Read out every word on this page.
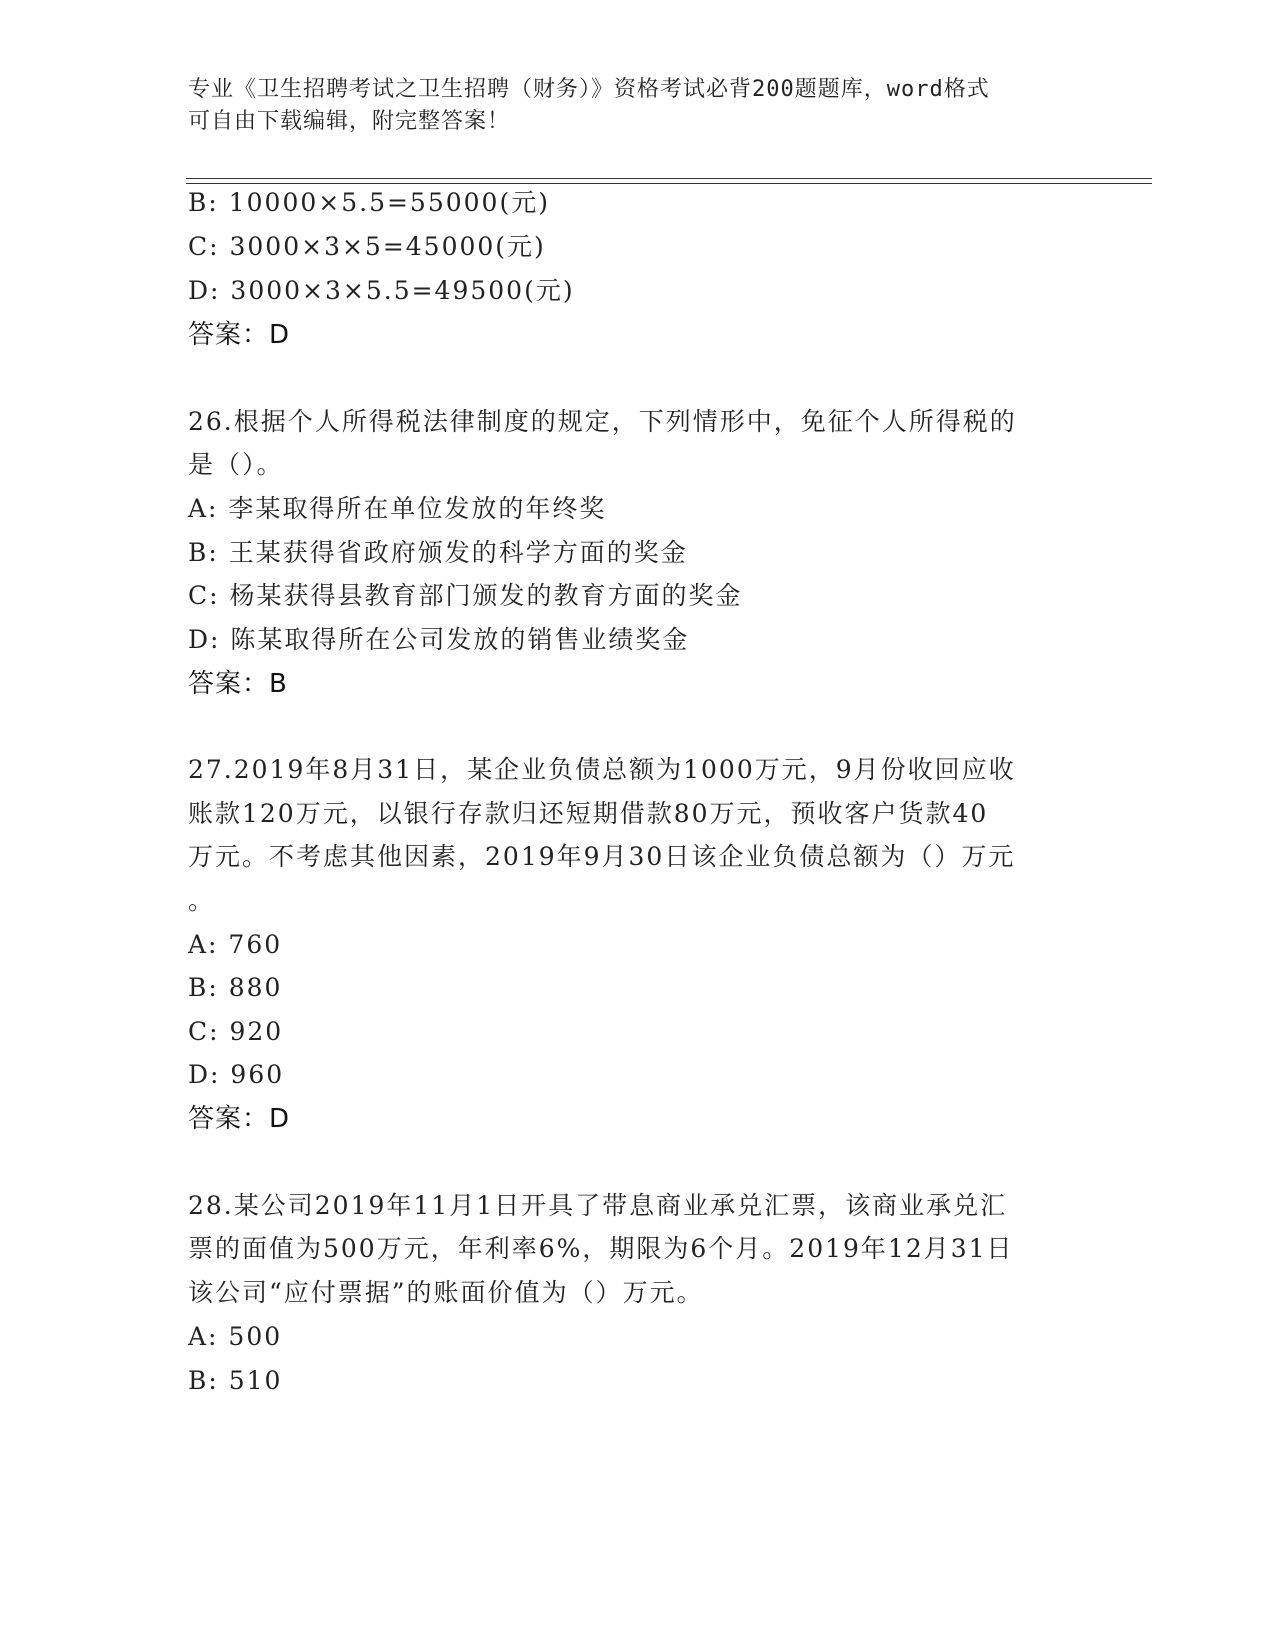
专业《卫生招聘考试之卫生招聘（财务）》资格考试必背200题题库，word格式
可自由下载编辑，附完整答案！
B: 10000×5.5=55000(元)
C: 3000×3×5=45000(元)
D: 3000×3×5.5=49500(元)
答案：D
26.根据个人所得税法律制度的规定，下列情形中，免征个人所得税的
是（）。
A: 李某取得所在单位发放的年终奖
B: 王某获得省政府颁发的科学方面的奖金
C: 杨某获得县教育部门颁发的教育方面的奖金
D: 陈某取得所在公司发放的销售业绩奖金
答案：B
27.2019年8月31日，某企业负债总额为1000万元，9月份收回应收
账款120万元，以银行存款归还短期借款80万元，预收客户货款40
万元。不考虑其他因素，2019年9月30日该企业负债总额为（）万元
。
A: 760
B: 880
C: 920
D: 960
答案：D
28.某公司2019年11月1日开具了带息商业承兑汇票，该商业承兑汇
票的面值为500万元，年利率6%，期限为6个月。2019年12月31日
该公司“应付票据”的账面价值为（）万元。
A: 500
B: 510
